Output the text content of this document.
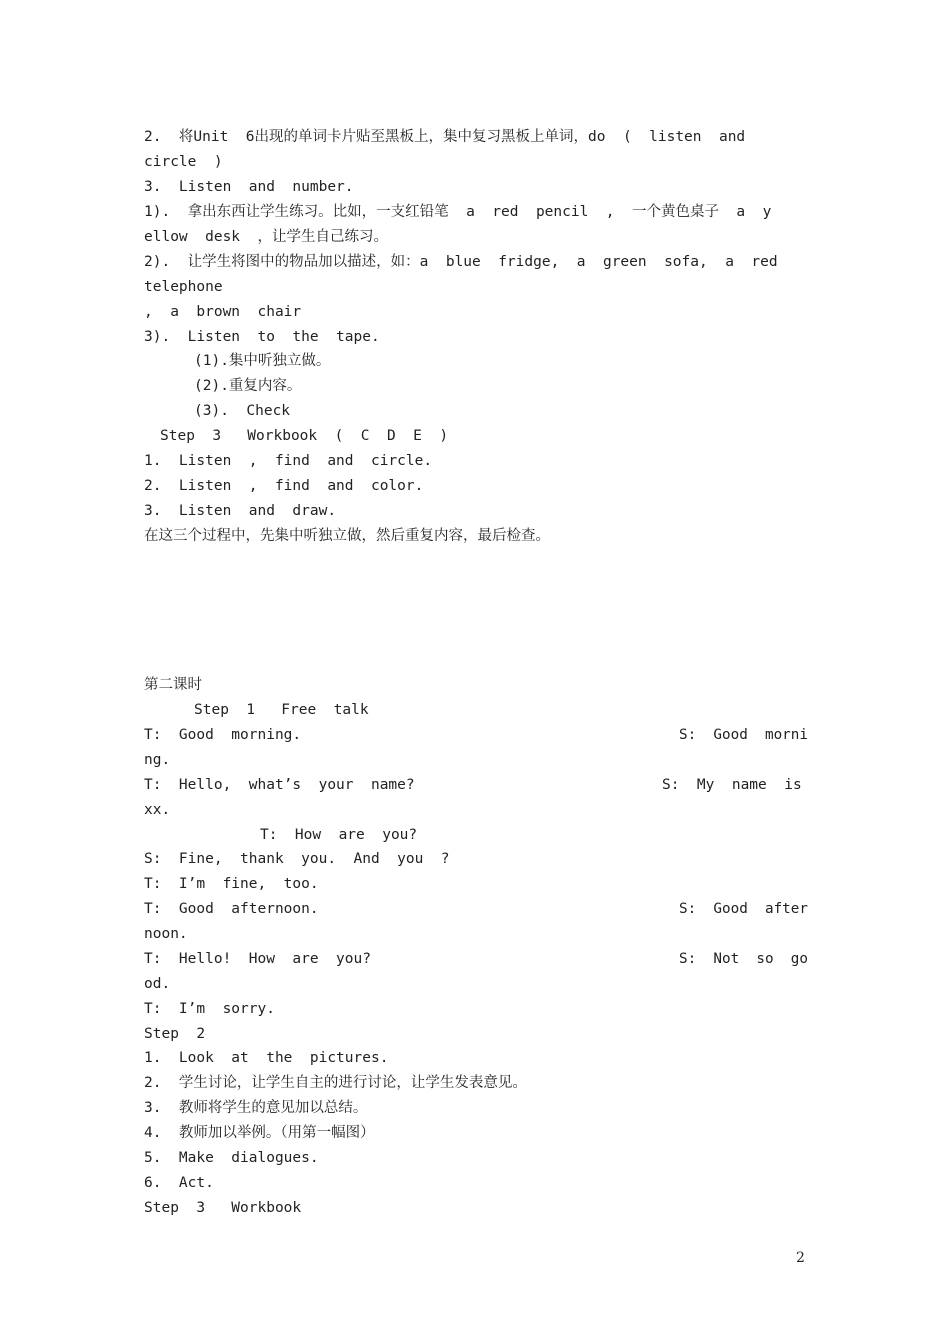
2.  将Unit  6出现的单词卡片贴至黑板上，集中复习黑板上单词，do  (  listen  and
circle  )
3.  Listen  and  number.
1).  拿出东西让学生练习。比如，一支红铅笔  a  red  pencil  ,  一个黄色桌子  a  y
ellow  desk  ，让学生自己练习。
2).  让学生将图中的物品加以描述，如：a  blue  fridge,  a  green  sofa,  a  red
telephone
,  a  brown  chair
3).  Listen  to  the  tape.
(1).集中听独立做。
(2).重复内容。
(3).  Check
Step  3   Workbook  (  C  D  E  )
1.  Listen  ,  find  and  circle.
2.  Listen  ,  find  and  color.
3.  Listen  and  draw.
在这三个过程中，先集中听独立做，然后重复内容，最后检查。
第二课时
Step  1   Free  talk
T:  Good  morning.	S:  Good  morni
ng.
T:  Hello,  what’s  your  name?	S:  My  name  is
xx.
T:  How  are  you?
S:  Fine,  thank  you.  And  you  ?
T:  I’m  fine,  too.
T:  Good  afternoon.	S:  Good  after
noon.
T:  Hello!  How  are  you?	S:  Not  so  go
od.
T:  I’m  sorry.
Step  2
1.  Look  at  the  pictures.
2.  学生讨论，让学生自主的进行讨论，让学生发表意见。
3.  教师将学生的意见加以总结。
4.  教师加以举例。（用第一幅图）
5.  Make  dialogues.
6.  Act.
Step  3   Workbook
2
